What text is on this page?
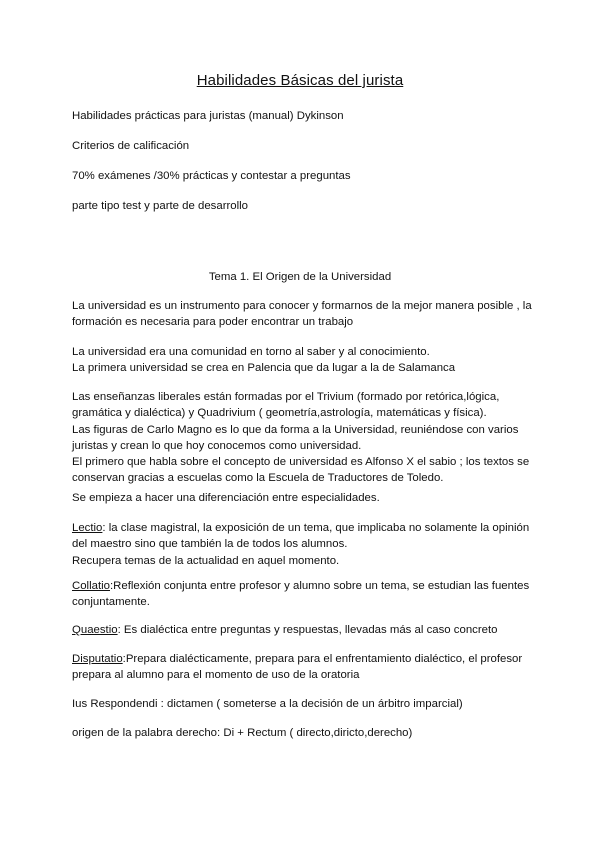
Habilidades Básicas del jurista
Habilidades prácticas para juristas (manual) Dykinson
Criterios de calificación
70% exámenes /30% prácticas y contestar a preguntas
parte tipo test y parte de desarrollo
Tema 1. El Origen de la Universidad
La universidad es un instrumento para conocer y formarnos de la mejor manera posible , la
formación es necesaria para poder encontrar un trabajo
La universidad era una comunidad en torno al saber y al conocimiento.
La primera universidad se crea en Palencia que da lugar a la de Salamanca
Las enseñanzas liberales están formadas por el Trivium (formado por retórica,lógica,
gramática y dialéctica) y Quadrivium ( geometría,astrología, matemáticas y física).
Las figuras de Carlo Magno es lo que da forma a la Universidad, reuniéndose con varios
juristas y crean lo que hoy conocemos como universidad.
El primero que habla sobre el concepto de universidad es Alfonso X el sabio ; los textos se
conservan gracias a escuelas como la Escuela de Traductores de Toledo.
Se empieza a hacer una diferenciación entre especialidades.
Lectio: la clase magistral, la exposición de un tema, que implicaba no solamente la opinión
del maestro sino que también la de todos los alumnos.
Recupera temas de la actualidad en aquel momento.
Collatio:Reflexión conjunta entre profesor y alumno sobre un tema, se estudian las fuentes
conjuntamente.
Quaestio: Es dialéctica entre preguntas y respuestas, llevadas más al caso concreto
Disputatio:Prepara dialécticamente, prepara para el enfrentamiento dialéctico, el profesor
prepara al alumno para el momento de uso de la oratoria
Ius Respondendi : dictamen ( someterse a la decisión de un árbitro imparcial)
origen de la palabra derecho: Di + Rectum ( directo,diricto,derecho)
